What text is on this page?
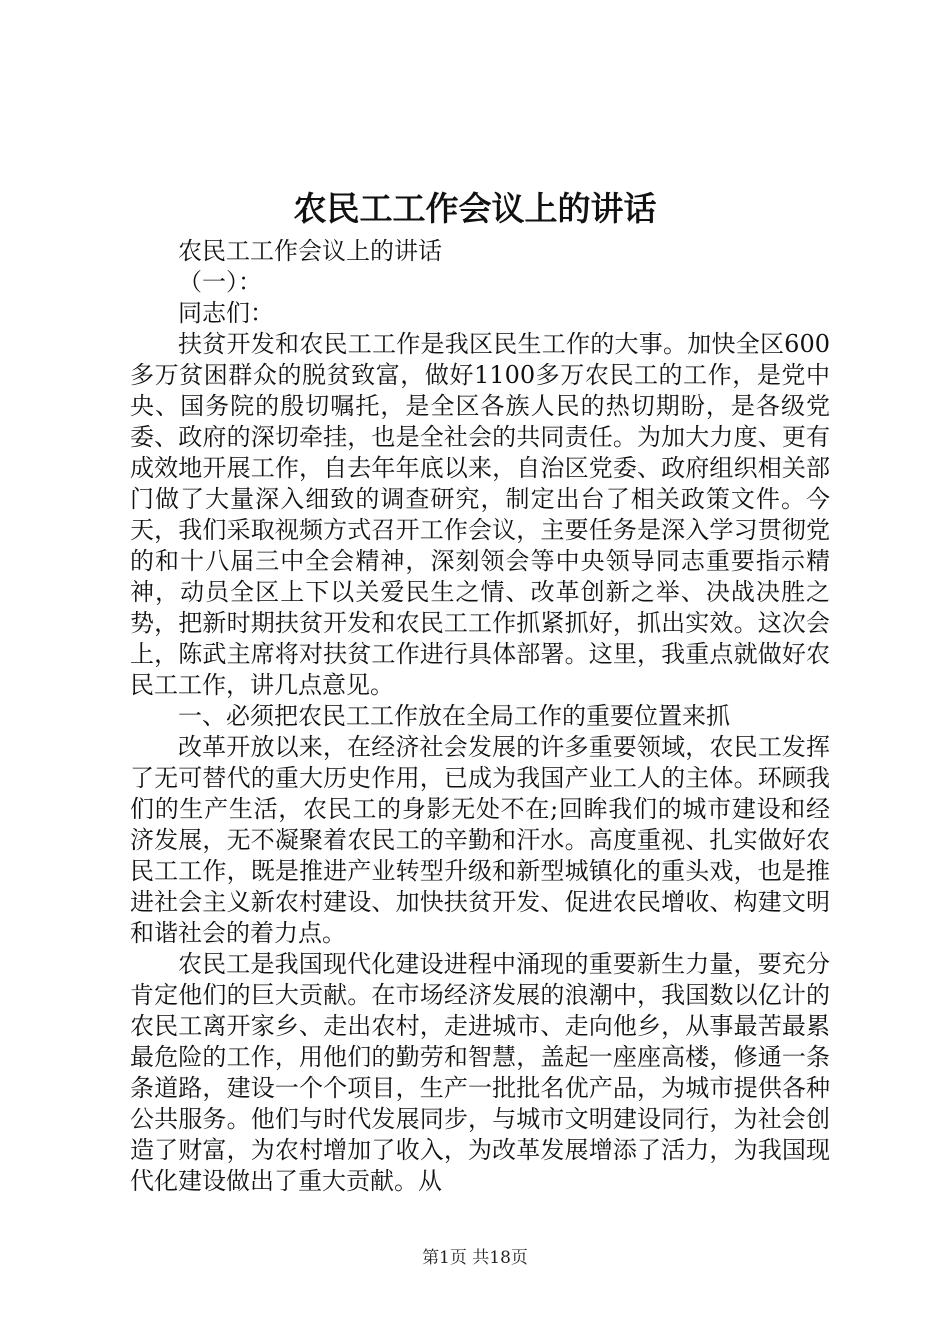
农民工工作会议上的讲话

农民工工作会议上的讲话

（一）：

同志们：

扶贫开发和农民工工作是我区民生工作的大事。加快全区600多万贫困群众的脱贫致富，做好1100多万农民工的工作，是党中央、国务院的殷切嘱托，是全区各族人民的热切期盼，是各级党委、政府的深切牵挂，也是全社会的共同责任。为加大力度、更有成效地开展工作，自去年年底以来，自治区党委、政府组织相关部门做了大量深入细致的调查研究，制定出台了相关政策文件。今天，我们采取视频方式召开工作会议，主要任务是深入学习贯彻党的和十八届三中全会精神，深刻领会等中央领导同志重要指示精神，动员全区上下以关爱民生之情、改革创新之举、决战决胜之势，把新时期扶贫开发和农民工工作抓紧抓好，抓出实效。这次会上，陈武主席将对扶贫工作进行具体部署。这里，我重点就做好农民工工作，讲几点意见。

一、必须把农民工工作放在全局工作的重要位置来抓

改革开放以来，在经济社会发展的许多重要领域，农民工发挥了无可替代的重大历史作用，已成为我国产业工人的主体。环顾我们的生产生活，农民工的身影无处不在;回眸我们的城市建设和经济发展，无不凝聚着农民工的辛勤和汗水。高度重视、扎实做好农民工工作，既是推进产业转型升级和新型城镇化的重头戏，也是推进社会主义新农村建设、加快扶贫开发、促进农民增收、构建文明和谐社会的着力点。

农民工是我国现代化建设进程中涌现的重要新生力量，要充分肯定他们的巨大贡献。在市场经济发展的浪潮中，我国数以亿计的农民工离开家乡、走出农村，走进城市、走向他乡，从事最苦最累最危险的工作，用他们的勤劳和智慧，盖起一座座高楼，修通一条条道路，建设一个个项目，生产一批批名优产品，为城市提供各种公共服务。他们与时代发展同步，与城市文明建设同行，为社会创造了财富，为农村增加了收入，为改革发展增添了活力，为我国现代化建设做出了重大贡献。从

第1页 共18页
